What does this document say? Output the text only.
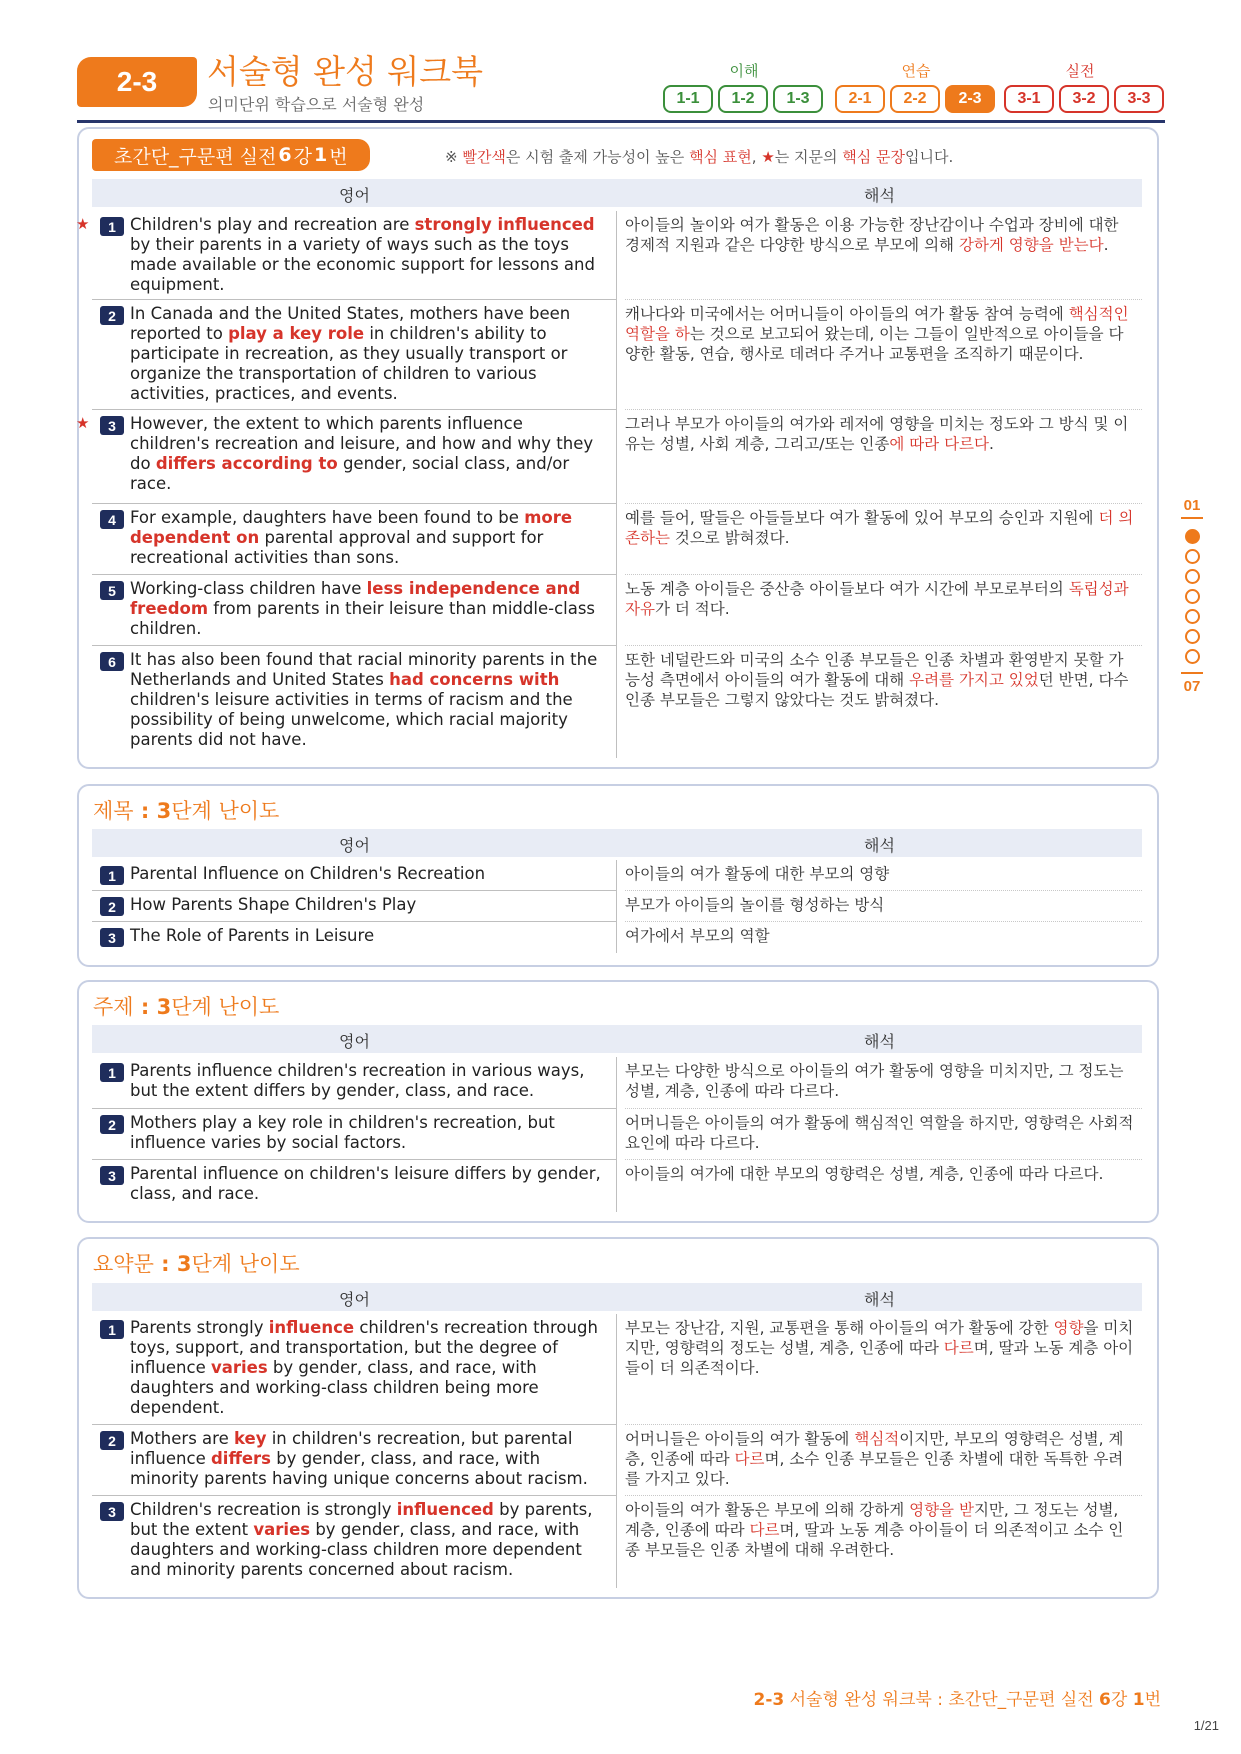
2-3	서술형 완성 워크북
의미단위 학습으로 서술형 완성
이해	연습	실전
1-1	1-2	1-3	2-1	2-2	2-3	3-1	3-2	3-3
초간단_구문편 실전 6 강 1 번	※ 빨간색은 시험 출제 가능성이 높은 핵심 표현, ★는 지문의 핵심 문장입니다.
영어	해석
★	1 Children's play and recreation are strongly influenced by their parents in a variety of ways such as the toys made available or the economic support for lessons and equipment.
아이들의 놀이와 여가 활동은 이용 가능한 장난감이나 수업과 장비에 대한 경제적 지원과 같은 다양한 방식으로 부모에 의해 강하게 영향을 받는다.
2 In Canada and the United States, mothers have been reported to play a key role in children's ability to participate in recreation, as they usually transport or organize the transportation of children to various activities, practices, and events.
캐나다와 미국에서는 어머니들이 아이들의 여가 활동 참여 능력에 핵심적인 역할을 하는 것으로 보고되어 왔는데, 이는 그들이 일반적으로 아이들을 다양한 활동, 연습, 행사로 데려다 주거나 교통편을 조직하기 때문이다.
★	3 However, the extent to which parents influence children's recreation and leisure, and how and why they do differs according to gender, social class, and/or race.
그러나 부모가 아이들의 여가와 레저에 영향을 미치는 정도와 그 방식 및 이유는 성별, 사회 계층, 그리고/또는 인종에 따라 다르다.
4 For example, daughters have been found to be more dependent on parental approval and support for recreational activities than sons.
예를 들어, 딸들은 아들들보다 여가 활동에 있어 부모의 승인과 지원에 더 의존하는 것으로 밝혀졌다.
5 Working-class children have less independence and freedom from parents in their leisure than middle-class children.
노동 계층 아이들은 중산층 아이들보다 여가 시간에 부모로부터의 독립성과 자유가 더 적다.
6 It has also been found that racial minority parents in the Netherlands and United States had concerns with children's leisure activities in terms of racism and the possibility of being unwelcome, which racial majority parents did not have.
또한 네덜란드와 미국의 소수 인종 부모들은 인종 차별과 환영받지 못할 가능성 측면에서 아이들의 여가 활동에 대해 우려를 가지고 있었던 반면, 다수 인종 부모들은 그렇지 않았다는 것도 밝혀졌다.
제목 : 3단계 난이도
영어	해석
1 Parental Influence on Children's Recreation	아이들의 여가 활동에 대한 부모의 영향
2 How Parents Shape Children's Play	부모가 아이들의 놀이를 형성하는 방식
3 The Role of Parents in Leisure	여가에서 부모의 역할
주제 : 3단계 난이도
영어	해석
1 Parents influence children's recreation in various ways, but the extent differs by gender, class, and race.
부모는 다양한 방식으로 아이들의 여가 활동에 영향을 미치지만, 그 정도는 성별, 계층, 인종에 따라 다르다.
2 Mothers play a key role in children's recreation, but influence varies by social factors.
어머니들은 아이들의 여가 활동에 핵심적인 역할을 하지만, 영향력은 사회적 요인에 따라 다르다.
3 Parental influence on children's leisure differs by gender, class, and race.
아이들의 여가에 대한 부모의 영향력은 성별, 계층, 인종에 따라 다르다.
요약문 : 3단계 난이도
영어	해석
1 Parents strongly influence children's recreation through toys, support, and transportation, but the degree of influence varies by gender, class, and race, with daughters and working-class children being more dependent.
부모는 장난감, 지원, 교통편을 통해 아이들의 여가 활동에 강한 영향을 미치지만, 영향력의 정도는 성별, 계층, 인종에 따라 다르며, 딸과 노동 계층 아이들이 더 의존적이다.
2 Mothers are key in children's recreation, but parental influence differs by gender, class, and race, with minority parents having unique concerns about racism.
어머니들은 아이들의 여가 활동에 핵심적이지만, 부모의 영향력은 성별, 계층, 인종에 따라 다르며, 소수 인종 부모들은 인종 차별에 대한 독특한 우려를 가지고 있다.
3 Children's recreation is strongly influenced by parents, but the extent varies by gender, class, and race, with daughters and working-class children more dependent and minority parents concerned about racism.
아이들의 여가 활동은 부모에 의해 강하게 영향을 받지만, 그 정도는 성별, 계층, 인종에 따라 다르며, 딸과 노동 계층 아이들이 더 의존적이고 소수 인종 부모들은 인종 차별에 대해 우려한다.
01
07
2-3 서술형 완성 워크북 : 초간단_구문편 실전 6강 1번
1/21
